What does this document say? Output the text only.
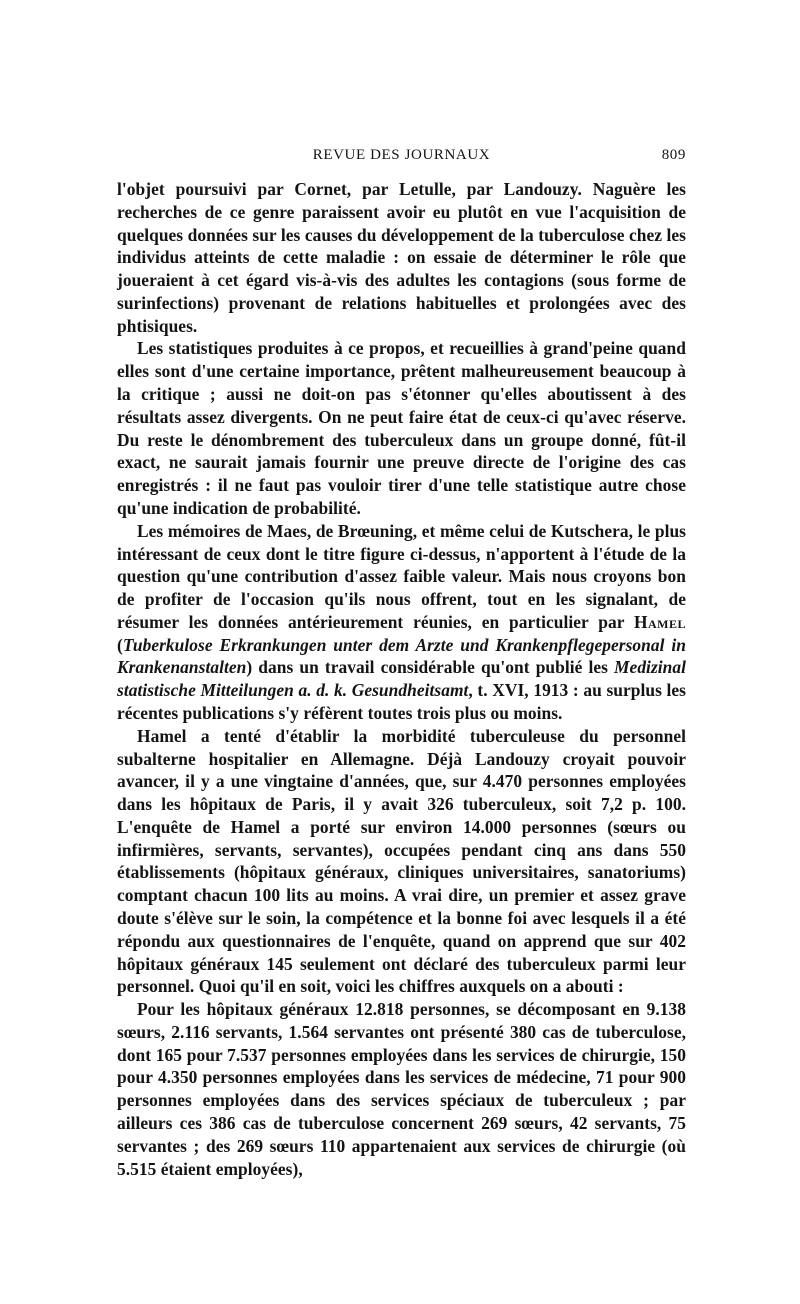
REVUE DES JOURNAUX	809

l'objet poursuivi par Cornet, par Letulle, par Landouzy. Naguère les recherches de ce genre paraissent avoir eu plutôt en vue l'acquisition de quelques données sur les causes du développement de la tuberculose chez les individus atteints de cette maladie : on essaie de déterminer le rôle que joueraient à cet égard vis-à-vis des adultes les contagions (sous forme de surinfections) provenant de relations habituelles et prolongées avec des phtisiques.

Les statistiques produites à ce propos, et recueillies à grand'peine quand elles sont d'une certaine importance, prêtent malheureusement beaucoup à la critique ; aussi ne doit-on pas s'étonner qu'elles aboutissent à des résultats assez divergents. On ne peut faire état de ceux-ci qu'avec réserve. Du reste le dénombrement des tuberculeux dans un groupe donné, fût-il exact, ne saurait jamais fournir une preuve directe de l'origine des cas enregistrés : il ne faut pas vouloir tirer d'une telle statistique autre chose qu'une indication de probabilité.

Les mémoires de Maes, de Brœuning, et même celui de Kutschera, le plus intéressant de ceux dont le titre figure ci-dessus, n'apportent à l'étude de la question qu'une contribution d'assez faible valeur. Mais nous croyons bon de profiter de l'occasion qu'ils nous offrent, tout en les signalant, de résumer les données antérieurement réunies, en particulier par Hamel (Tuberkulose Erkrankungen unter dem Arzte und Krankenpflegepersonal in Krankenanstalten) dans un travail considérable qu'ont publié les Medizinal statistische Mitteilungen a. d. k. Gesundheitsamt, t. XVI, 1913 : au surplus les récentes publications s'y réfèrent toutes trois plus ou moins.

Hamel a tenté d'établir la morbidité tuberculeuse du personnel subalterne hospitalier en Allemagne. Déjà Landouzy croyait pouvoir avancer, il y a une vingtaine d'années, que, sur 4.470 personnes employées dans les hôpitaux de Paris, il y avait 326 tuberculeux, soit 7,2 p. 100. L'enquête de Hamel a porté sur environ 14.000 personnes (sœurs ou infirmières, servants, servantes), occupées pendant cinq ans dans 550 établissements (hôpitaux généraux, cliniques universitaires, sanatoriums) comptant chacun 100 lits au moins. A vrai dire, un premier et assez grave doute s'élève sur le soin, la compétence et la bonne foi avec lesquels il a été répondu aux questionnaires de l'enquête, quand on apprend que sur 402 hôpitaux généraux 145 seulement ont déclaré des tuberculeux parmi leur personnel. Quoi qu'il en soit, voici les chiffres auxquels on a abouti :

Pour les hôpitaux généraux 12.818 personnes, se décomposant en 9.138 sœurs, 2.116 servants, 1.564 servantes ont présenté 380 cas de tuberculose, dont 165 pour 7.537 personnes employées dans les services de chirurgie, 150 pour 4.350 personnes employées dans les services de médecine, 71 pour 900 personnes employées dans des services spéciaux de tuberculeux ; par ailleurs ces 386 cas de tuberculose concernent 269 sœurs, 42 servants, 75 servantes ; des 269 sœurs 110 appartenaient aux services de chirurgie (où 5.515 étaient employées),
